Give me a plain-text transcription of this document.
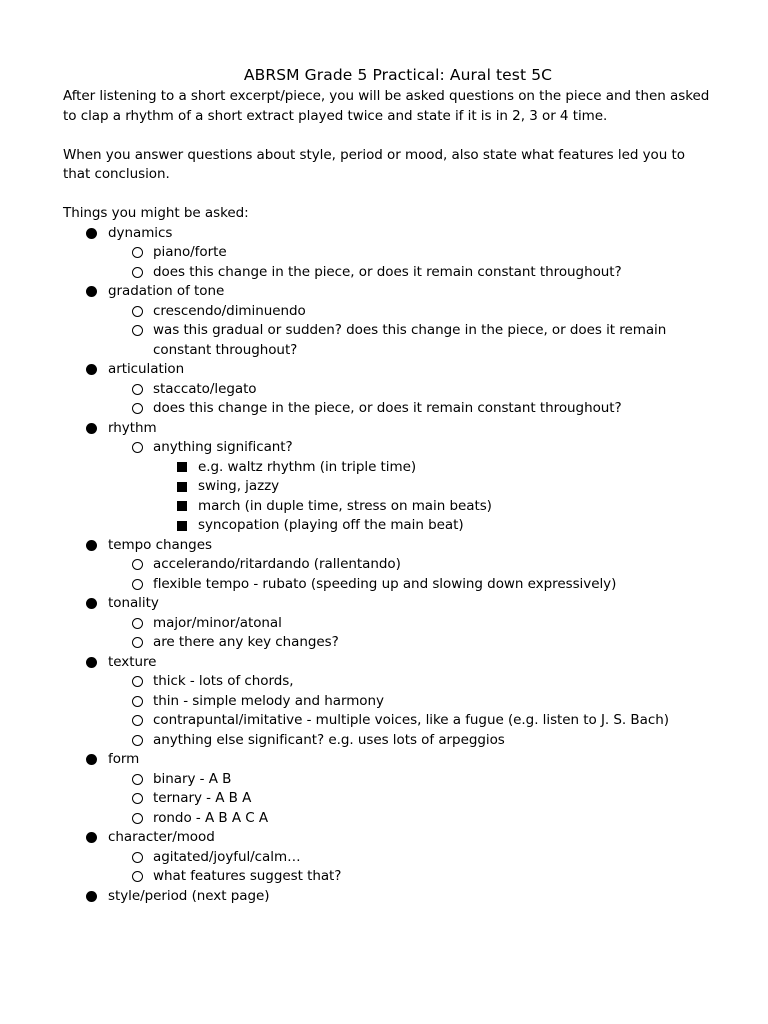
ABRSM Grade 5 Practical: Aural test 5C

After listening to a short excerpt/piece, you will be asked questions on the piece and then asked to clap a rhythm of a short extract played twice and state if it is in 2, 3 or 4 time.

When you answer questions about style, period or mood, also state what features led you to that conclusion.

Things you might be asked:

dynamics
piano/forte
does this change in the piece, or does it remain constant throughout?
gradation of tone
crescendo/diminuendo
was this gradual or sudden? does this change in the piece, or does it remain constant throughout?
articulation
staccato/legato
does this change in the piece, or does it remain constant throughout?
rhythm
anything significant?
e.g. waltz rhythm (in triple time)
swing, jazzy
march (in duple time, stress on main beats)
syncopation (playing off the main beat)
tempo changes
accelerando/ritardando (rallentando)
flexible tempo - rubato (speeding up and slowing down expressively)
tonality
major/minor/atonal
are there any key changes?
texture
thick - lots of chords,
thin - simple melody and harmony
contrapuntal/imitative - multiple voices, like a fugue (e.g. listen to J. S. Bach)
anything else significant? e.g. uses lots of arpeggios
form
binary - A B
ternary - A B A
rondo - A B A C A
character/mood
agitated/joyful/calm…
what features suggest that?
style/period (next page)
